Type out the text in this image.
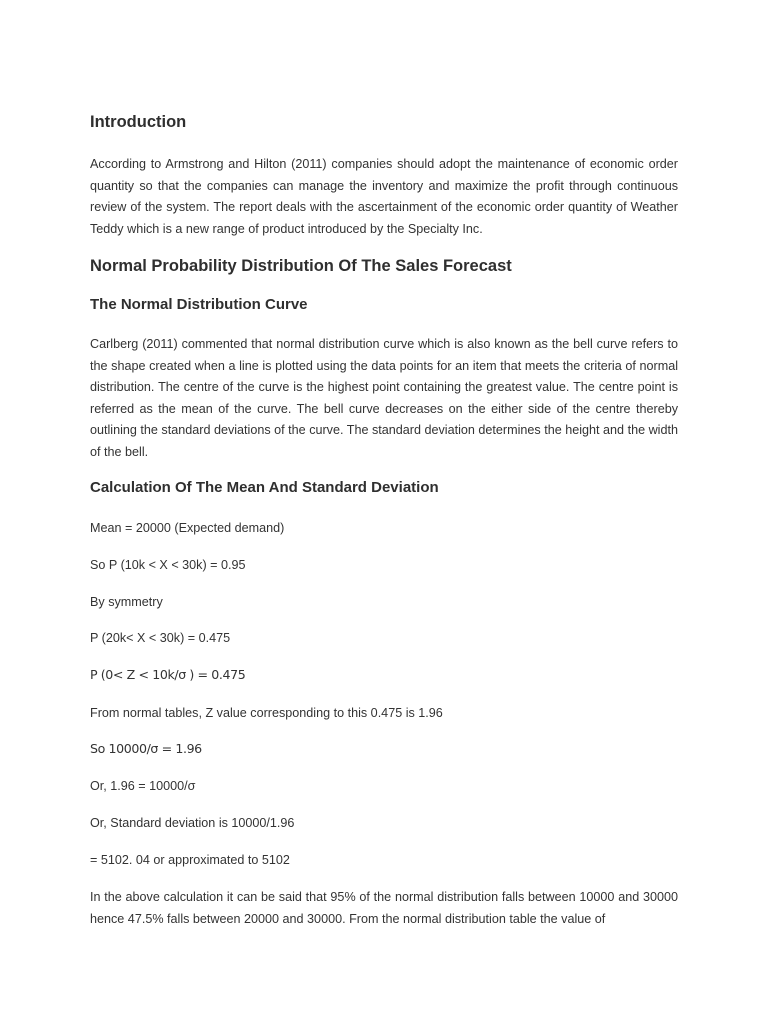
Introduction

According to Armstrong and Hilton (2011) companies should adopt the maintenance of economic order quantity so that the companies can manage the inventory and maximize the profit through continuous review of the system. The report deals with the ascertainment of the economic order quantity of Weather Teddy which is a new range of product introduced by the Specialty Inc.

Normal Probability Distribution Of The Sales Forecast
The Normal Distribution Curve

Carlberg (2011) commented that normal distribution curve which is also known as the bell curve refers to the shape created when a line is plotted using the data points for an item that meets the criteria of normal distribution. The centre of the curve is the highest point containing the greatest value. The centre point is referred as the mean of the curve. The bell curve decreases on the either side of the centre thereby outlining the standard deviations of the curve. The standard deviation determines the height and the width of the bell.

Calculation Of The Mean And Standard Deviation

Mean = 20000 (Expected demand)

So P (10k < X < 30k) = 0.95

By symmetry

P (20k< X < 30k) = 0.475

P (0< Z < 10k/σ ) = 0.475

From normal tables, Z value corresponding to this 0.475 is 1.96

So 10000/σ = 1.96

Or, 1.96 = 10000/σ

Or, Standard deviation is 10000/1.96

= 5102. 04 or approximated to 5102

In the above calculation it can be said that 95% of the normal distribution falls between 10000 and 30000 hence 47.5% falls between 20000 and 30000. From the normal distribution table the value of
